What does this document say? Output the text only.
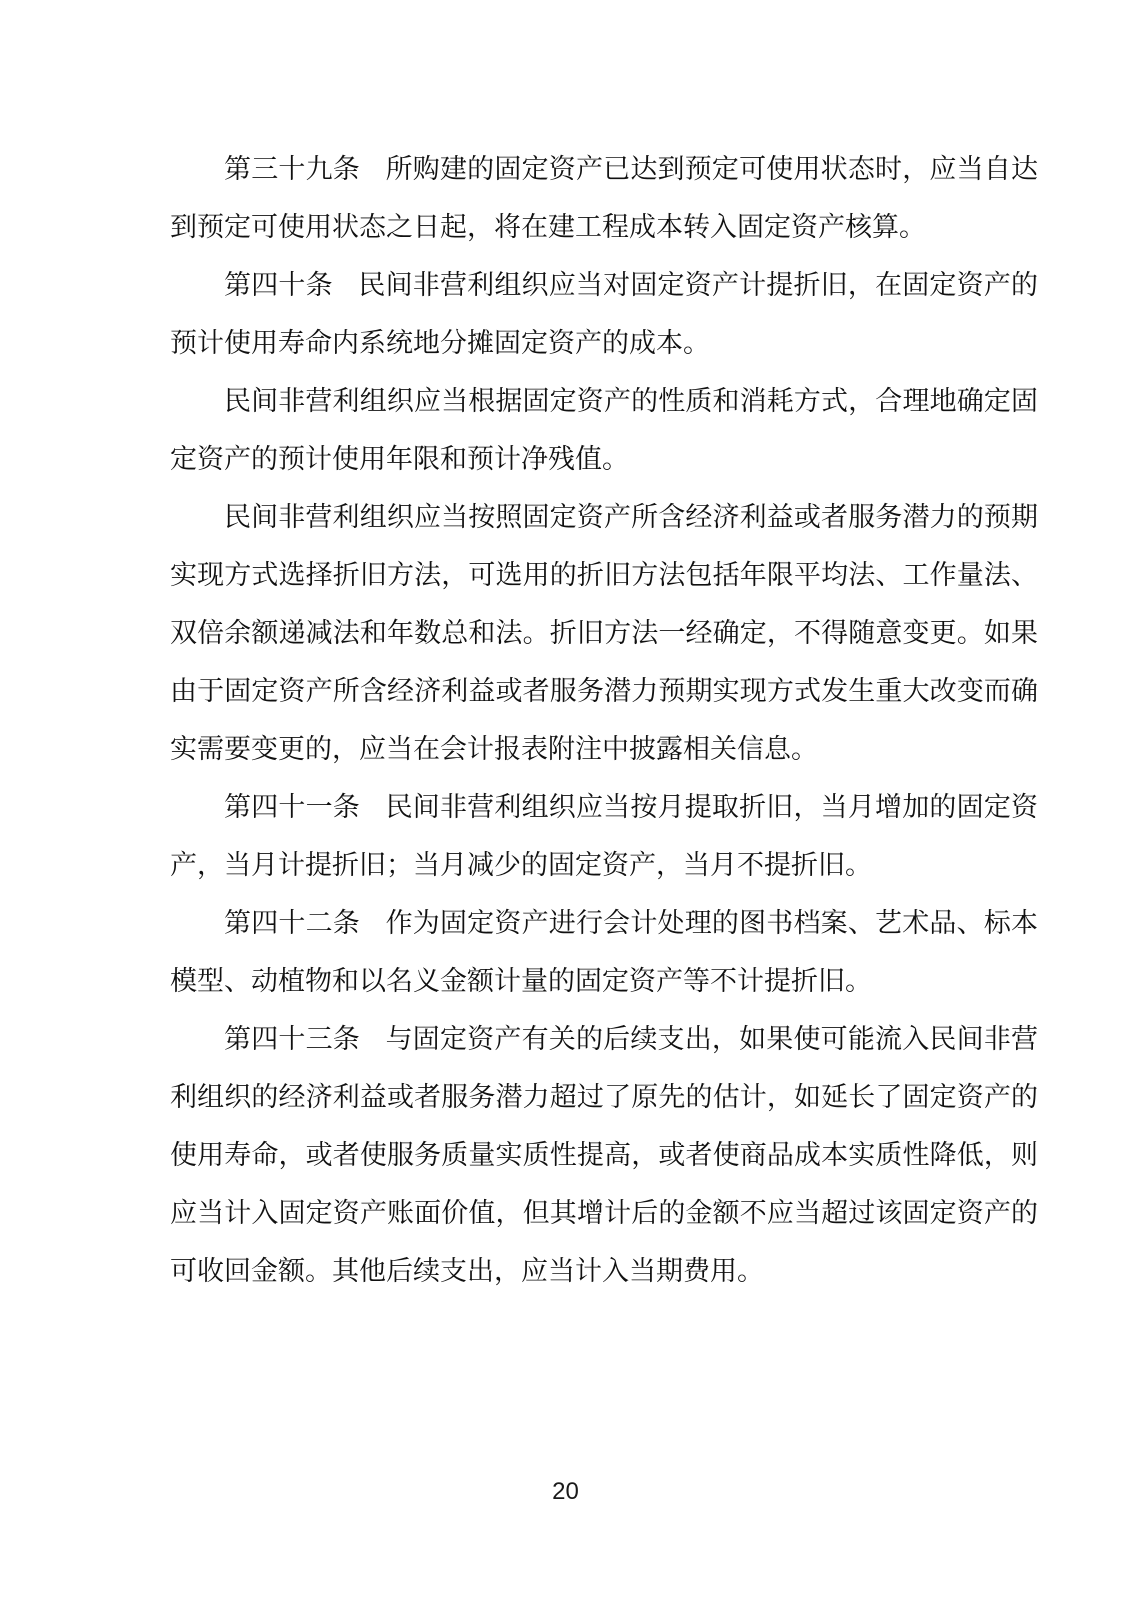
第三十九条 所购建的固定资产已达到预定可使用状态时，应当自达到预定可使用状态之日起，将在建工程成本转入固定资产核算。

第四十条 民间非营利组织应当对固定资产计提折旧，在固定资产的预计使用寿命内系统地分摊固定资产的成本。

民间非营利组织应当根据固定资产的性质和消耗方式，合理地确定固定资产的预计使用年限和预计净残值。

民间非营利组织应当按照固定资产所含经济利益或者服务潜力的预期实现方式选择折旧方法，可选用的折旧方法包括年限平均法、工作量法、双倍余额递减法和年数总和法。折旧方法一经确定，不得随意变更。如果由于固定资产所含经济利益或者服务潜力预期实现方式发生重大改变而确实需要变更的，应当在会计报表附注中披露相关信息。

第四十一条 民间非营利组织应当按月提取折旧，当月增加的固定资产，当月计提折旧；当月减少的固定资产，当月不提折旧。

第四十二条 作为固定资产进行会计处理的图书档案、艺术品、标本模型、动植物和以名义金额计量的固定资产等不计提折旧。

第四十三条 与固定资产有关的后续支出，如果使可能流入民间非营利组织的经济利益或者服务潜力超过了原先的估计，如延长了固定资产的使用寿命，或者使服务质量实质性提高，或者使商品成本实质性降低，则应当计入固定资产账面价值，但其增计后的金额不应当超过该固定资产的可收回金额。其他后续支出，应当计入当期费用。

20
